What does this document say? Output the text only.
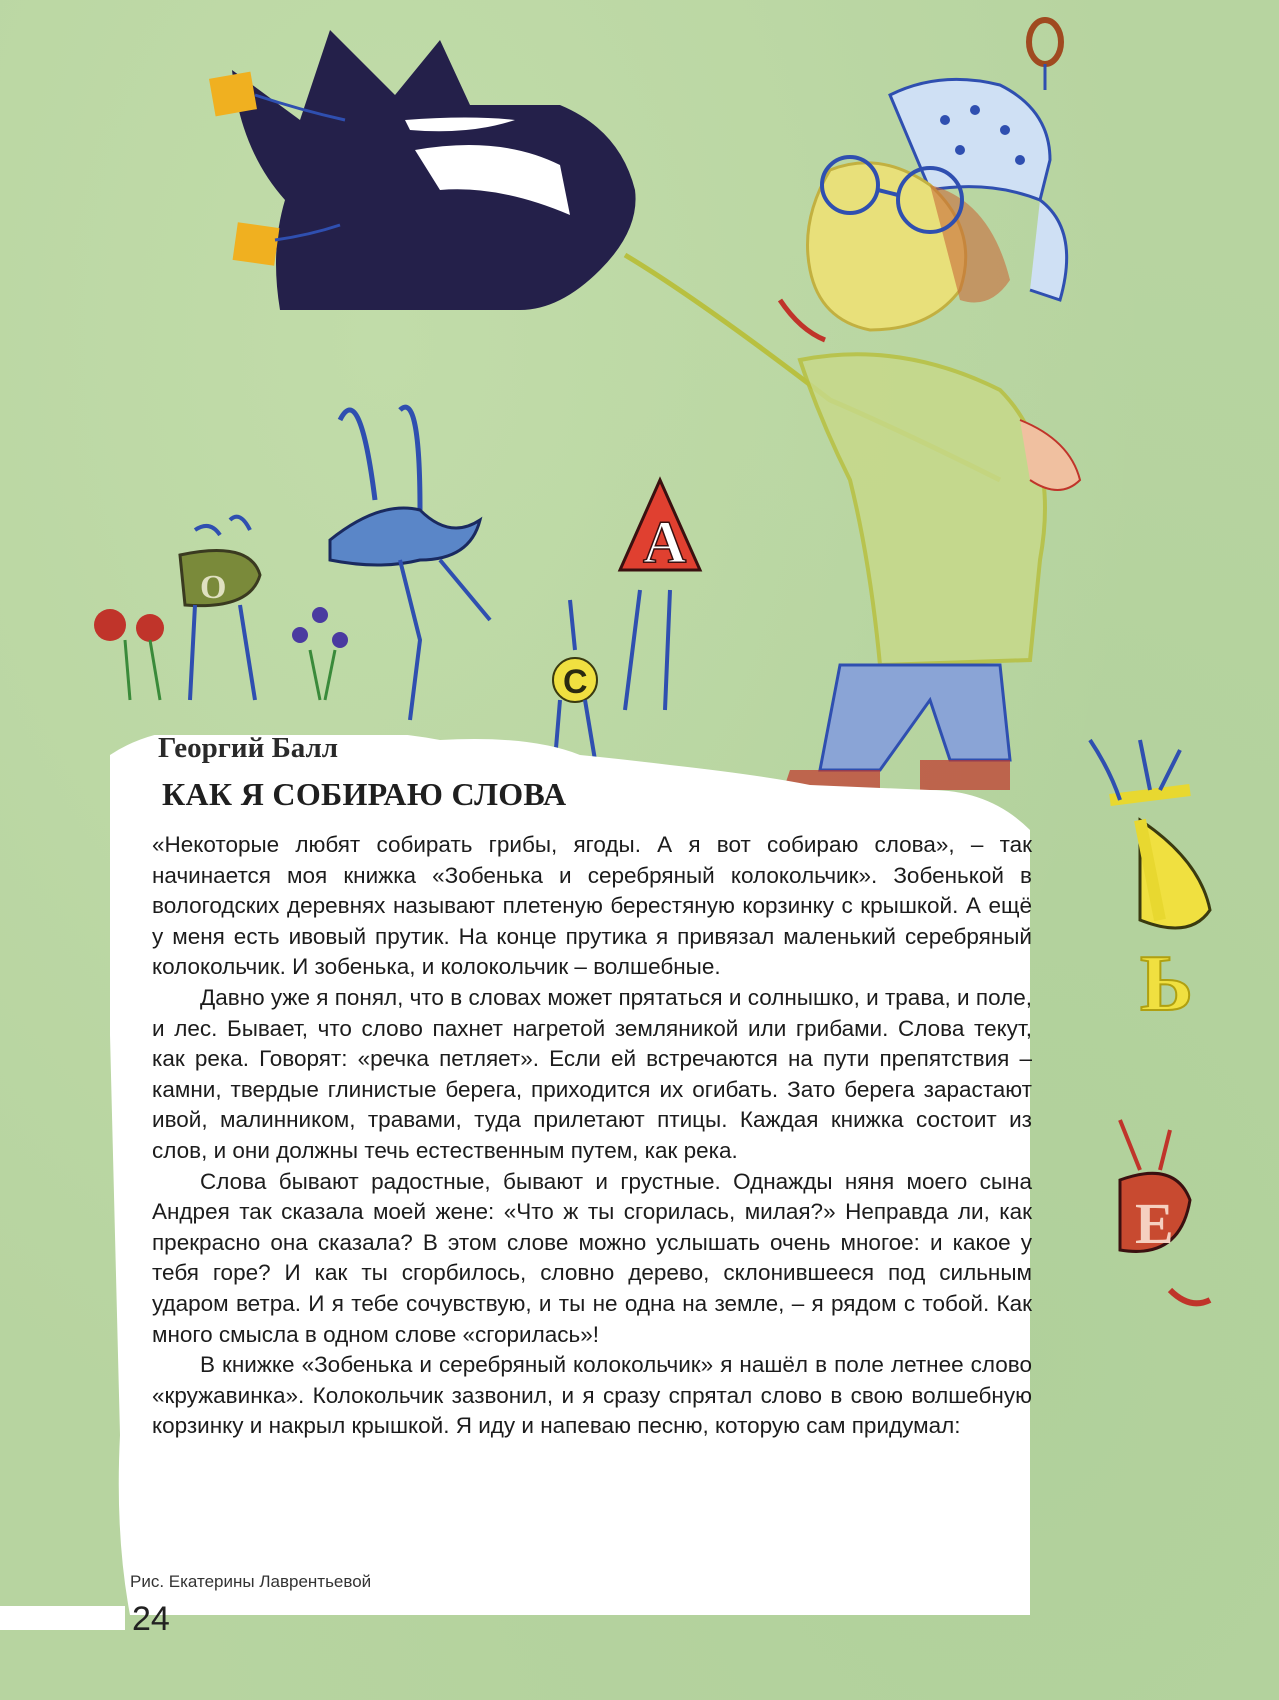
О
А
С
Ь
Е
Георгий Балл
КАК Я СОБИРАЮ СЛОВА

«Некоторые любят собирать грибы, ягоды. А я вот собираю слова», – так начинается моя книжка «Зобенька и серебряный колокольчик». Зобенькой в вологодских деревнях называют плетеную берестяную корзинку с крышкой. А ещё у меня есть ивовый прутик. На конце прутика я привязал маленький серебряный колокольчик. И зобенька, и колокольчик – волшебные.

Давно уже я понял, что в словах может прятаться и солнышко, и трава, и поле, и лес. Бывает, что слово пахнет нагретой земляникой или грибами. Слова текут, как река. Говорят: «речка петляет». Если ей встречаются на пути препятствия – камни, твердые глинистые берега, приходится их огибать. Зато берега зарастают ивой, малинником, травами, туда прилетают птицы. Каждая книжка состоит из слов, и они должны течь естественным путем, как река.

Слова бывают радостные, бывают и грустные. Однажды няня моего сына Андрея так сказала моей жене: «Что ж ты сгорилась, милая?» Неправда ли, как прекрасно она сказала? В этом слове можно услышать очень многое: и какое у тебя горе? И как ты сгорбилось, словно дерево, склонившееся под сильным ударом ветра. И я тебе сочувствую, и ты не одна на земле, – я рядом с тобой. Как много смысла в одном слове «сгорилась»!

В книжке «Зобенька и серебряный колокольчик» я нашёл в поле летнее слово «кружавинка». Колокольчик зазвонил, и я сразу спрятал слово в свою волшебную корзинку и накрыл крышкой. Я иду и напеваю песню, которую сам придумал:

Рис. Екатерины Лаврентьевой

24
